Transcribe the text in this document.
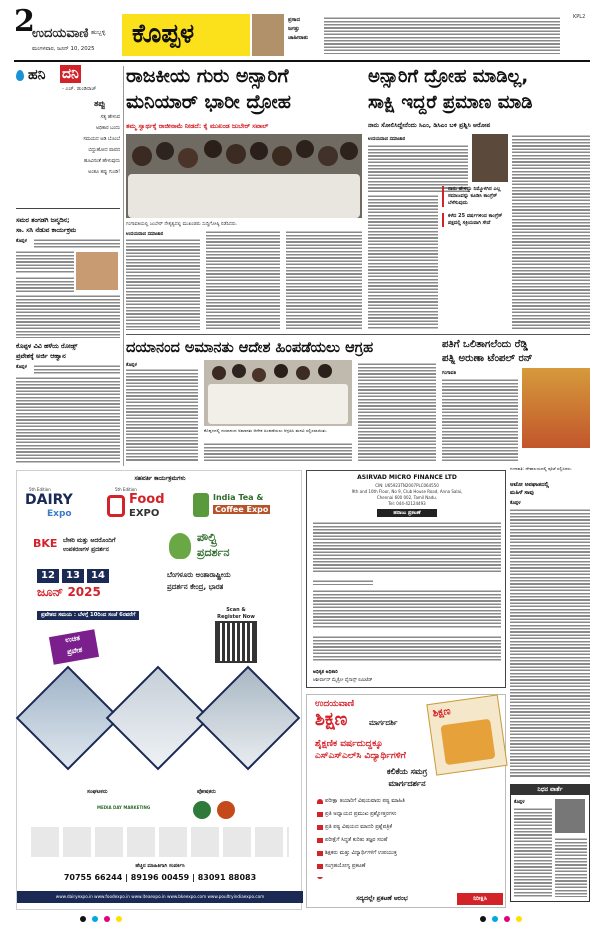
2
ಉದಯವಾಣಿ ಹುಬ್ಬಳ್ಳಿ
ಮಂಗಳವಾರ, ಜೂನ್ 10, 2025 ಕೊಪ್ಪಳ	ಪ್ರಸಾದ
ಜಗತ್ತು
ಜಾಹೀರಾತು
KPL2
ಹನಿ ದನಿ
- ಎಚ್. ಡುಂಡಿರಾಜ್
ತಪ್ಪು
ಸತ್ಯ ಹೇಳುವ
ಅಧಿಕಾರ ಬಂದು
ಸಮಯದ ಅಡಿ ಬೊಂಬೆ
ಬಿದ್ದುಹೋದ ಪಾಪದ
ಹೂವಿನಂತೆ ಹೇಳುವುದು
ಅಂತೂ ತಪ್ಪು ಗುಂಡಿ!
ಸಮರ ತಂಗಡಗಿ ಜನ್ಮದಿನ;
ಸಾ. ಸಸಿ ನೆಡುವ ಕಾರ್ಯಕ್ರಮ
ಕೊಪ್ಪಳ
ಕೊಪ್ಪಳ ವಿವಿ ಹಳೆಯ ರೋಡ್ಸ್
ಪ್ರವೇಶಕ್ಕೆ ಅರ್ಜಿ ಆಹ್ವಾನ
ಕೊಪ್ಪಳ
ರಾಜಕೀಯ ಗುರು ಅನ್ಸಾರಿಗೆ
ಮನಿಯಾರ್ ಭಾರೀ ದ್ರೋಹ
ತಮ್ಮ ಸ್ವಾರ್ಥಕ್ಕೆ ರಾಜೀನಾಮೆ ನೀಡದೆ: ಕೈ ಮುಖಂಡ ಜುಬೇರ್ ಸವಾಲ್
ಗಂಗಾವತಿಯಲ್ಲಿ ಜುಬೇರ್ ನೇತೃತ್ವದಲ್ಲಿ ಮುಖಂಡರು ಸುದ್ದಿಗೋಷ್ಠಿ ನಡೆಸಿದರು.
ಉದಯವಾಣಿ ಸಮಾಚಾರ
ಅನ್ಸಾರಿಗೆ ದ್ರೋಹ ಮಾಡಿಲ್ಲ,
ಸಾಕ್ಷಿ ಇದ್ದರೆ ಪ್ರಮಾಣ ಮಾಡಿ
ನಾನು ಸೋಲಿಸಿದ್ದೇನೆಂದು ಸಿಎಂ, ಡಿಸಿಎಂ ಬಳಿ ಪ್ರಶ್ನಿಸಿ ಆರೋಪ
ಉದಯವಾಣಿ ಸಮಾಚಾರ
ನಾನು ಹೇಳಿದ್ದು ನಿಮ್ಮೊಳಗಿನ ಎಲ್ಲ ಸಮಾಜವನ್ನು ಕೂಡಿಸಿ ಕಾಂಗ್ರೆಸ್ ಬೆಳೆಸುವುದು
ಕಳೆದ 25 ವರ್ಷಗಳಿಂದ ಕಾಂಗ್ರೆಸ್ ಪಕ್ಷದಲ್ಲಿ ಸಕ್ರಿಯವಾಗಿ ಸೇವೆ
ದಯಾನಂದ ಅಮಾನತು ಆದೇಶ ಹಿಂಪಡೆಯಲು ಆಗ್ರಹ
ಕೊಪ್ಪಳ
ಕೊಪ್ಪಳದಲ್ಲಿ ದಯಾನಂದ ಅಮಾನತು ಆದೇಶ ಹಿಂಪಡೆಯಲು ಆಗ್ರಹಿಸಿ ಮನವಿ ಸಲ್ಲಿಸಲಾಯಿತು.
ಪತಿಗೆ ಒಲಿತಾಗಲೆಂದು ರೆಡ್ಡಿ
ಪತ್ನಿ ಅರುಣಾ ಟೆಂಪಲ್ ರನ್
ಗಂಗಾವತಿ
ಗಂಗಾವತಿ: ದೇವಾಲಯದಲ್ಲಿ ಪೂಜೆ ಸಲ್ಲಿಸಿದರು.
ಆಟೋ ಅಪಘಾತದಲ್ಲಿ
ಮಹಿಳೆ ಸಾವು
ಕೊಪ್ಪಳ
ನಿಧನ ವಾರ್ತೆ
ಕೊಪ್ಪಳ
ಸಹವರ್ತಿ ಕಾರ್ಯಕ್ರಮಗಳು
5th Edition
DAIRY
Expo
5th Edition
Food
EXPO
India Tea &
Coffee Expo
BKE ಬೇಕರಿ ಮತ್ತು ಅದರೊಂದಿಗೆ
ಉಪಕರಣಗಳ ಪ್ರದರ್ಶನ
ಪೌಲ್ಟ್ರಿ
ಪ್ರದರ್ಶನ
12	13	14
ಜೂನ್ 2025
ಬೆಂಗಳೂರು ಅಂತಾರಾಷ್ಟ್ರೀಯ
ಪ್ರದರ್ಶನ ಕೇಂದ್ರ, ಭಾರತ
ಪ್ರವೇಶದ ಸಮಯ : ಬೆಳಗ್ಗೆ 10ರಿಂದ ಸಂಜೆ 6ರವರೆಗೆ
Scan &
Register Now
ಉಚಿತ
ಪ್ರವೇಶ
ಸಂಘಟಕರು	ಪೋಷಕರು
MEDIA DAY MARKETING
ಹೆಚ್ಚಿನ ಮಾಹಿತಿಗಾಗಿ ಸಂಪರ್ಕಿಸಿ
70755 66244 | 89196 00459 | 83091 88083
www.dairyexpo.in www.foodexpo.in www.iteaexpo.in www.bkeexpo.com www.poultryindiaexpo.com
ASIRVAD MICRO FINANCE LTD
CIN: U65923TN2007PLC064550
9th and 10th Floor, No 9, Club House Road, Anna Salai,
Chennai 600 002, Tamil Nadu.
Tel: 044-42124493
ಹರಾಜು ಪ್ರಕಟಣೆ
ಅಧಿಕೃತ ಅಧಿಕಾರಿ
ಆಶೀರ್ವಾದ್ ಮೈಕ್ರೋ ಫೈನಾನ್ಸ್ ಲಿಮಿಟೆಡ್
ಉದಯವಾಣಿ
ಶಿಕ್ಷಣ	ಮಾರ್ಗದರ್ಶಿ
ಶಿಕ್ಷಣ
ಶೈಕ್ಷಣಿಕ ವರ್ಷದುದ್ದಕ್ಕೂ
ಎಸ್ಎಸ್ಎಲ್‌ಸಿ ವಿದ್ಯಾರ್ಥಿಗಳಿಗೆ
ಕಲಿಕೆಯ ಸಮಗ್ರ
ಮಾರ್ಗದರ್ಶನ
ಪರೀಕ್ಷಾ ತಯಾರಿಗೆ ವಿಷಯವಾರು ಪಠ್ಯ ಮಾಹಿತಿ
ಪ್ರತಿ ಅಧ್ಯಾಯದ ಪ್ರಮುಖ ಪ್ರಶ್ನೋತ್ತರಗಳು
ಪ್ರತಿ ಪಠ್ಯ ವಿಷಯದ ಮಾದರಿ ಪ್ರಶ್ನೆಪತ್ರಿಕೆ
ಪರೀಕ್ಷೆಗೆ ಸಿದ್ಧತೆ ಕುರಿತು ತಜ್ಞರ ಸಲಹೆ
ಶಿಕ್ಷಕರು ಮತ್ತು ವಿದ್ಯಾರ್ಥಿಗಳಿಗೆ ಉಪಯುಕ್ತ
ಸಂಗ್ರಹಯೋಗ್ಯ ಪ್ರಕಟಣೆ
ಸದ್ಯದಲ್ಲೇ ಪ್ರಕಟಣೆ ಆರಂಭ	ನಿರೀಕ್ಷಿಸಿ
